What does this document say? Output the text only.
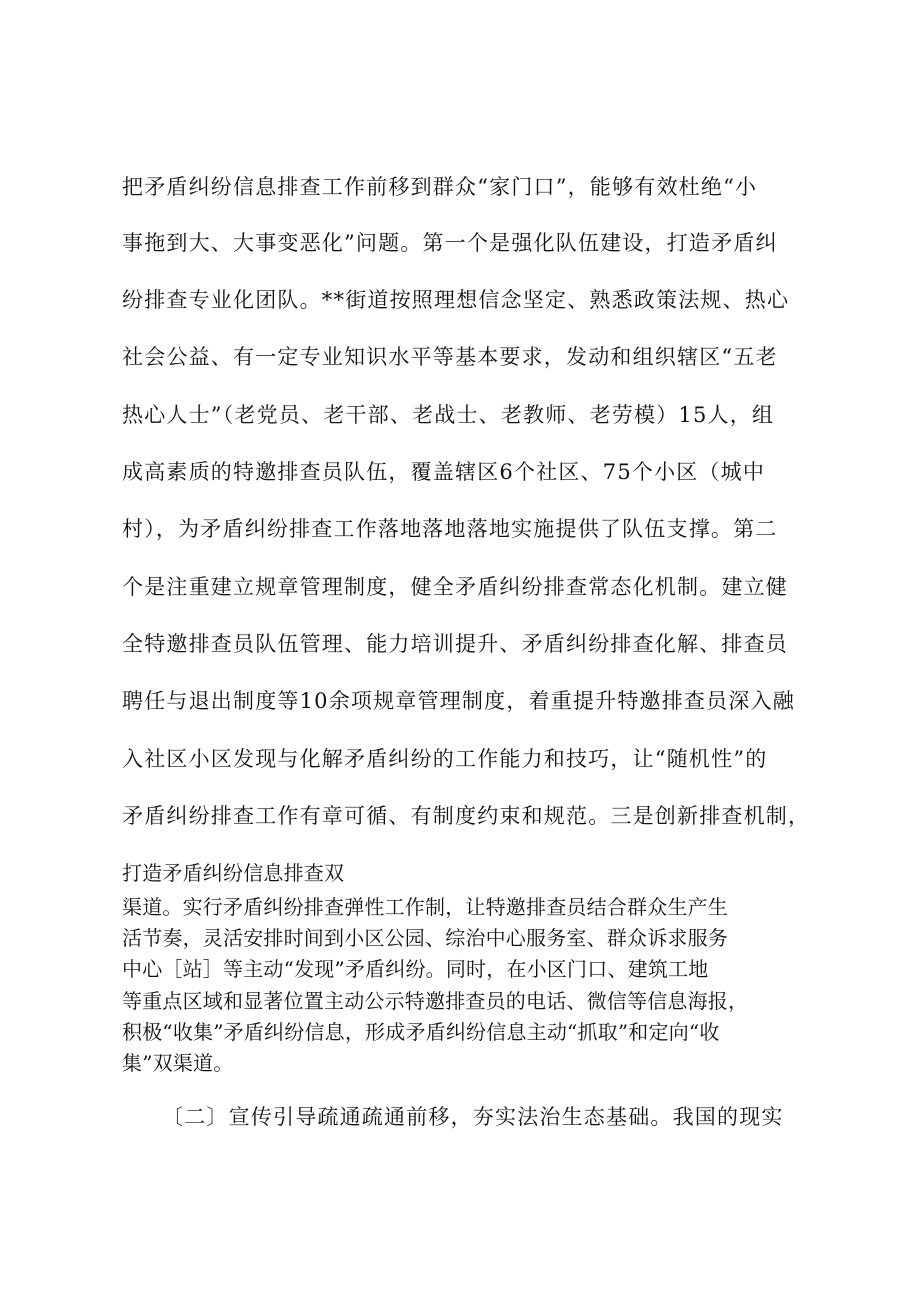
把矛盾纠纷信息排查工作前移到群众“家门口”，能够有效杜绝“小
事拖到大、大事变恶化”问题。第一个是强化队伍建设，打造矛盾纠
纷排查专业化团队。**街道按照理想信念坚定、熟悉政策法规、热心
社会公益、有一定专业知识水平等基本要求，发动和组织辖区“五老
热心人士”（老党员、老干部、老战士、老教师、老劳模）15人，组
成高素质的特邀排查员队伍，覆盖辖区6个社区、75个小区（城中
村），为矛盾纠纷排查工作落地落地落地实施提供了队伍支撑。第二
个是注重建立规章管理制度，健全矛盾纠纷排查常态化机制。建立健
全特邀排查员队伍管理、能力培训提升、矛盾纠纷排查化解、排查员
聘任与退出制度等10余项规章管理制度，着重提升特邀排查员深入融
入社区小区发现与化解矛盾纠纷的工作能力和技巧，让“随机性”的
矛盾纠纷排查工作有章可循、有制度约束和规范。三是创新排查机制，
打造矛盾纠纷信息排查双
渠道。实行矛盾纠纷排查弹性工作制，让特邀排查员结合群众生产生
活节奏，灵活安排时间到小区公园、综治中心服务室、群众诉求服务
中心［站］等主动“发现”矛盾纠纷。同时，在小区门口、建筑工地
等重点区域和显著位置主动公示特邀排查员的电话、微信等信息海报，
积极“收集”矛盾纠纷信息，形成矛盾纠纷信息主动“抓取”和定向“收
集”双渠道。
〔二〕宣传引导疏通疏通前移，夯实法治生态基础。我国的现实
